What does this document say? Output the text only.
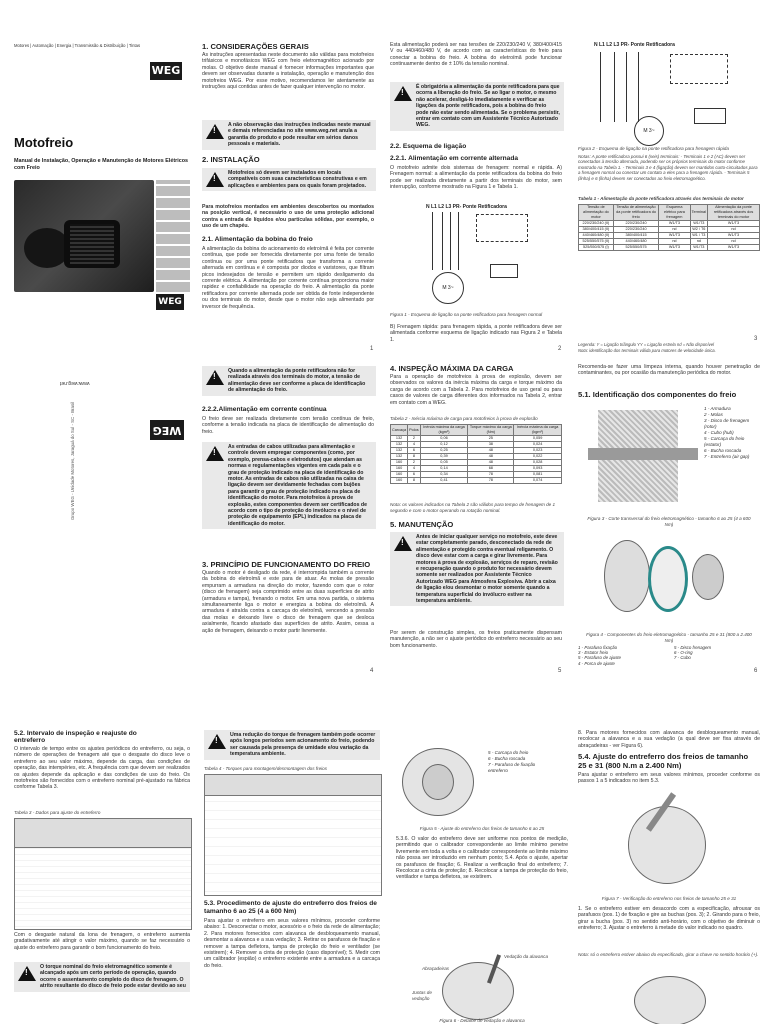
Motores | Automação | Energia | Transmissão & Distribuição | Tintas
WEG
Motofreio
Manual de Instalação, Operação e Manutenção de Motores Elétricos com Freio
WEG
1. CONSIDERAÇÕES GERAIS
As instruções apresentadas neste documento são válidas para motofreios trifásicos e monofásicos WEG com freio eletromagnético acionado por molas. O objetivo deste manual é fornecer informações importantes que devem ser observadas durante a instalação, operação e manutenção dos motofreios WEG. Por esse motivo, recomendamos ler atentamente as instruções aqui contidas antes de fazer qualquer intervenção no motor.
!
A não observação das instruções indicadas neste manual e demais referenciadas no site www.weg.net anula a garantia do produto e pode resultar em sérios danos pessoais e materiais.
2. INSTALAÇÃO
!
Motofreios só devem ser instalados em locais compatíveis com suas características construtivas e em aplicações e ambientes para os quais foram projetados.
Para motofreios montados em ambientes descobertos ou montados na posição vertical, é necessário o uso de uma proteção adicional contra a entrada de líquidos e/ou partículas sólidas, por exemplo, o uso de um chapéu.
2.1. Alimentação da bobina do freio
A alimentação da bobina do acionamento do eletroímã é feita por corrente contínua, que pode ser fornecida diretamente por uma fonte de tensão contínua ou por uma ponte retificadora que transforma a corrente alternada em contínua e é composta por diodos e varistores, que filtram picos indesejados de tensão e permitem um rápido desligamento da corrente elétrica. A alimentação por corrente contínua proporciona maior rapidez e confiabilidade na operação do freio. A alimentação da ponte retificadora por corrente alternada pode ser obtida de fonte independente ou dos terminais do motor, desde que o motor não seja alimentado por inversor de frequência.
1
Esta alimentação poderá ser nas tensões de 220/230/240 V, 380/400/415 V ou 440/460/480 V, de acordo com as características do freio para conectar a bobina do freio. A bobina do eletroímã pode funcionar continuamente dentro de ± 10% da tensão nominal.
!
É obrigatória a alimentação da ponte retificadora para que ocorra a liberação do freio. Se ao ligar o motor, o mesmo não acelerar, desligá-lo imediatamente e verificar as ligações da ponte retificadora, pois a bobina do freio pode não estar sendo alimentada. Se o problema persistir, entrar em contato com um Assistente Técnico Autorizado WEG.
2.2. Esquema de ligação
2.2.1. Alimentação em corrente alternada
O motofreio admite dois sistemas de frenagem: normal e rápida. A) Frenagem normal: a alimentação da ponte retificadora da bobina do freio pode ser realizada diretamente a partir dos terminais do motor, sem interrupção, conforme mostrado na Figura 1 e Tabela 1.
N L1 L2 L3 PR- Ponte Retificadora
M 3~
Figura 1 - Esquema de ligação na ponte retificadora para frenagem normal
B) Frenagem rápida: para frenagem rápida, a ponte retificadora deve ser alimentada conforme esquema de ligação indicado nas Figura 2 e Tabela 1.
2
N L1 L2 L3 PR- Ponte Retificadora
M 3~
Figura 2 - Esquema de ligação na ponte retificadora para frenagem rápida
Notas: A ponte retificadora possui 6 (seis) terminais: - Terminais 1 e 2 (AC) devem ser conectados à tensão alternada, podendo ser os próprios terminais do motor conforme mostrado na Tabela 1. - Terminais 3 e 4 (ligação) devem ser mantidos curto-circuitados para a frenagem normal ou conectar um contato a eles para a frenagem rápida. - Terminais 5 (linha) e 6 (linha) devem ser conectados ao freio eletromagnético.
Tabela 1 - Alimentação da ponte retificadora através dos terminais do motor
Tensão de alimentação do motor	Tensão de alimentação da ponte retificadora do freio	Esquema elétrico para frenagem	Terminal	Alimentação da ponte retificadora através dos terminais do motor
220/230/240 (II)	220/230/240	W1/T3	W1/T3	W1/T3
380/400/415 (II)	220/230/240	nd	W2 / T6	nd
440/460/480 (II)	380/400/415	W1/T3	W1 / T3	W1/T3
525/550/575 (II)	440/460/480	nd	nd	nd
525/550/575 (I)	525/550/575	W1/T3	W1/T3	W1/T3
Legenda: Y = Ligação triângulo YY = Ligação estrela nd = Não disponível
Nota: identificação dos terminais válida para motores de velocidade única.
3
WEG
www.weg.net
Grupo WEG - Unidade Motores, Jaraguá do Sul - SC - Brasil
!
Quando a alimentação da ponte retificadora não for realizada através dos terminais do motor, a tensão de alimentação deve ser conforme a placa de identificação de alimentação do freio.
2.2.2.Alimentação em corrente contínua
O freio deve ser realizada diretamente com tensão contínua de freio, conforme a tensão indicada na placa de identificação de alimentação do freio.
!
As entradas de cabos utilizadas para alimentação e controle devem empregar componentes (como, por exemplo, prensa-cabos e eletrodutos) que atendam as normas e regulamentações vigentes em cada país e o grau de proteção indicado na placa de identificação do motor. As entradas de cabos não utilizadas na caixa de ligação devem ser devidamente fechadas com bujões para garantir o grau de proteção indicado na placa de identificação do motor. Para motofreios à prova de explosão, estes componentes devem ser certificados de acordo com o tipo de proteção do invólucro e o nível de proteção de equipamento (EPL) indicados na placa de identificação do motor.
3. PRINCÍPIO DE FUNCIONAMENTO DO FREIO
Quando o motor é desligado da rede, é interrompida também a corrente da bobina do eletroímã e este para de atuar. As molas de pressão empurram a armadura na direção do motor, fazendo com que o rotor (disco de frenagem) seja comprimido entre as duas superfícies de atrito (armadura e tampa), frenando o motor. Em uma nova partida, o sistema simultaneamente liga o motor e energiza a bobina do eletroímã. A armadura é atraída contra a carcaça do eletroímã, vencendo a pressão das molas e deixando livre o disco de frenagem que se desloca axialmente, ficando afastado das superfícies de atrito. Assim, cessa a ação de frenagem, deixando o motor partir livremente.
4
4. INSPEÇÃO MÁXIMA DA CARGA
Para a operação de motofreios à prova de explosão, devem ser observados os valores da inércia máxima da carga e torque máximo da carga de acordo com a Tabela 2. Para motofreios de uso geral ou para casos de valores de carga diferentes dos informados na Tabela 2, entrar em contato com a WEG.
Tabela 2 - Inércia máxima de carga para motofreios à prova de explosão
Carcaça	Polos	Inércia máxima da carga (kgm²)	Torque máximo da carga (Nm)	Inércia máxima da carga (kgm²)
132	2	0,06	25	0,059
132	4	0,12	38	0,024
132	6	0,25	48	0,023
132	8	0,39	48	0,022
160	2	0,05	48	0,028
160	4	0,14	68	0,093
160	6	0,34	78	0,081
160	8	0,41	78	0,074
Nota: os valores indicados na Tabela 2 são válidos para tempo de frenagem de 1 segundo e com o motor operando na rotação nominal.
5. MANUTENÇÃO
!
Antes de iniciar qualquer serviço no motofreio, este deve estar completamente parado, desconectado da rede de alimentação e protegido contra eventual religamento. O disco deve estar com a carga e girar livremente. Para motores à prova de explosão, serviços de reparo, revisão e recuperação quando o produto for necessário devem somente ser realizados por Assistente Técnico Autorizado WEG para Atmosfera Explosiva. Abrir a caixa de ligação e/ou desmontar o motor somente quando a temperatura superficial do invólucro estiver na temperatura ambiente.
Por serem de construção simples, os freios praticamente dispensam manutenção, a não ser o ajuste periódico do entreferro necessário ao seu bom funcionamento.
5
Recomenda-se fazer uma limpeza interna, quando houver penetração de contaminantes, ou por ocasião da manutenção periódica do motor.
5.1. Identificação dos componentes do freio
1 - Armadura
2 - Molas
3 - Disco de frenagem (rotor)
4 - Cubo (hub)
5 - Carcaça do freio (estator)
6 - Bucha roscada
7 - Entreferro (air gap)
Figura 3 - Corte transversal do freio eletromagnético - tamanho 6 ao 25 (4 a 600 Nm)
Figura 4 - Componentes do freio eletromagnético - tamanho 25 e 31 (800 a 2.400 Nm)
1 - Parafuso fixação
3 - Estator freio
5 - Parafuso de ajuste
4 - Porca de ajuste
5 - Disco frenagem
6 - O-ring
7 - Cubo
6
5.2. Intervalo de inspeção e reajuste do entreferro
O intervalo de tempo entre os ajustes periódicos do entreferro, ou seja, o número de operações de frenagem até que o desgaste do disco leve o entreferro ao seu valor máximo, depende da carga, das condições de operação, das intempéries, etc. A frequência com que devem ser realizados os ajustes depende da aplicação e das condições de uso do freio. Os motofreios são fornecidos com o entreferro nominal pré-ajustado na fábrica conforme Tabela 3.
Tabela 3 - Dados para ajuste do entreferro
Com o desgaste natural da lona de frenagem, o entreferro aumenta gradativamente até atingir o valor máximo, quando se faz necessário o ajuste do entreferro para garantir o bom funcionamento do freio.
!
O torque nominal do freio eletromagnético somente é alcançado após um certo período de operação, quando ocorre o assentamento completo do disco de frenagem. O atrito resultante do disco de freio pode estar devido ao seu
!
Uma redução do torque de frenagem também pode ocorrer após longos períodos sem acionamento do freio, podendo ser causada pela presença de umidade e/ou variação da temperatura ambiente.
Tabela 4 - Torques para montagem/desmontagem dos freios
5.3. Procedimento de ajuste do entreferro dos freios de tamanho 6 ao 25 (4 a 600 Nm)
Para ajustar o entreferro em seus valores mínimos, proceder conforme abaixo: 1. Desconectar o motor, acessório e o freio da rede de alimentação; 2. Para motores fornecidos com alavanca de desbloqueamento manual, desmontar a alavanca e a sua vedação; 3. Retirar os parafusos de fixação e remover a tampa defletora, tampa de proteção do freio e ventilador (se existirem); 4. Remover a cinta de proteção (caso disponível); 5. Medir com um calibrador (espião) o entreferro existente entre a armadura e a carcaça do freio.
5 - Carcaça do freio
6 - Bucha roscada
7 - Parafuso de fixação
entreferro
Figura 5 - Ajuste do entreferro dos freios de tamanho 6 ao 25
5.3.6. O valor do entreferro deve ser uniforme nos pontos de medição, permitindo que o calibrador correspondente ao limite mínimo penetre livremente em toda a volta e o calibrador correspondente ao limite máximo não possa ser introduzido em nenhum ponto; 5.4. Após o ajuste, apertar os parafusos de fixação; 6. Realizar a verificação final do entreferro; 7. Recolocar a cinta de proteção; 8. Recolocar a tampa de proteção do freio, ventilador e tampa defletora, se existirem.
Vedação da alavanca
Abraçadeiras
Juntas de vedação
Figura 6 - Detalhe de vedação e alavanca
8. Para motores fornecidos com alavanca de desbloqueamento manual, recolocar a alavanca e a sua vedação (a qual deve ser fixa através de abraçadeiras - ver Figura 6).
5.4. Ajuste do entreferro dos freios de tamanho 25 e 31 (800 N.m a 2.400 Nm)
Para ajustar o entreferro em seus valores mínimos, proceder conforme os passos 1 a 5 indicados no item 5.3.
Figura 7 - Verificação do entreferro nos freios de tamanho 25 e 31
1. Se o entreferro estiver em desacordo com a especificação, afrouxar os parafusos (pos. 1) de fixação e gire as buchas (pos. 3); 2. Girando para o freio, girar a bucha (pos. 3) no sentido anti-horário, com o objetivo de diminuir o entreferro; 3. Ajustar o entreferro à metade do valor indicado no quadro.
Nota: só o entreferro estiver abaixo do especificado, girar a chave no sentido horário (+).
